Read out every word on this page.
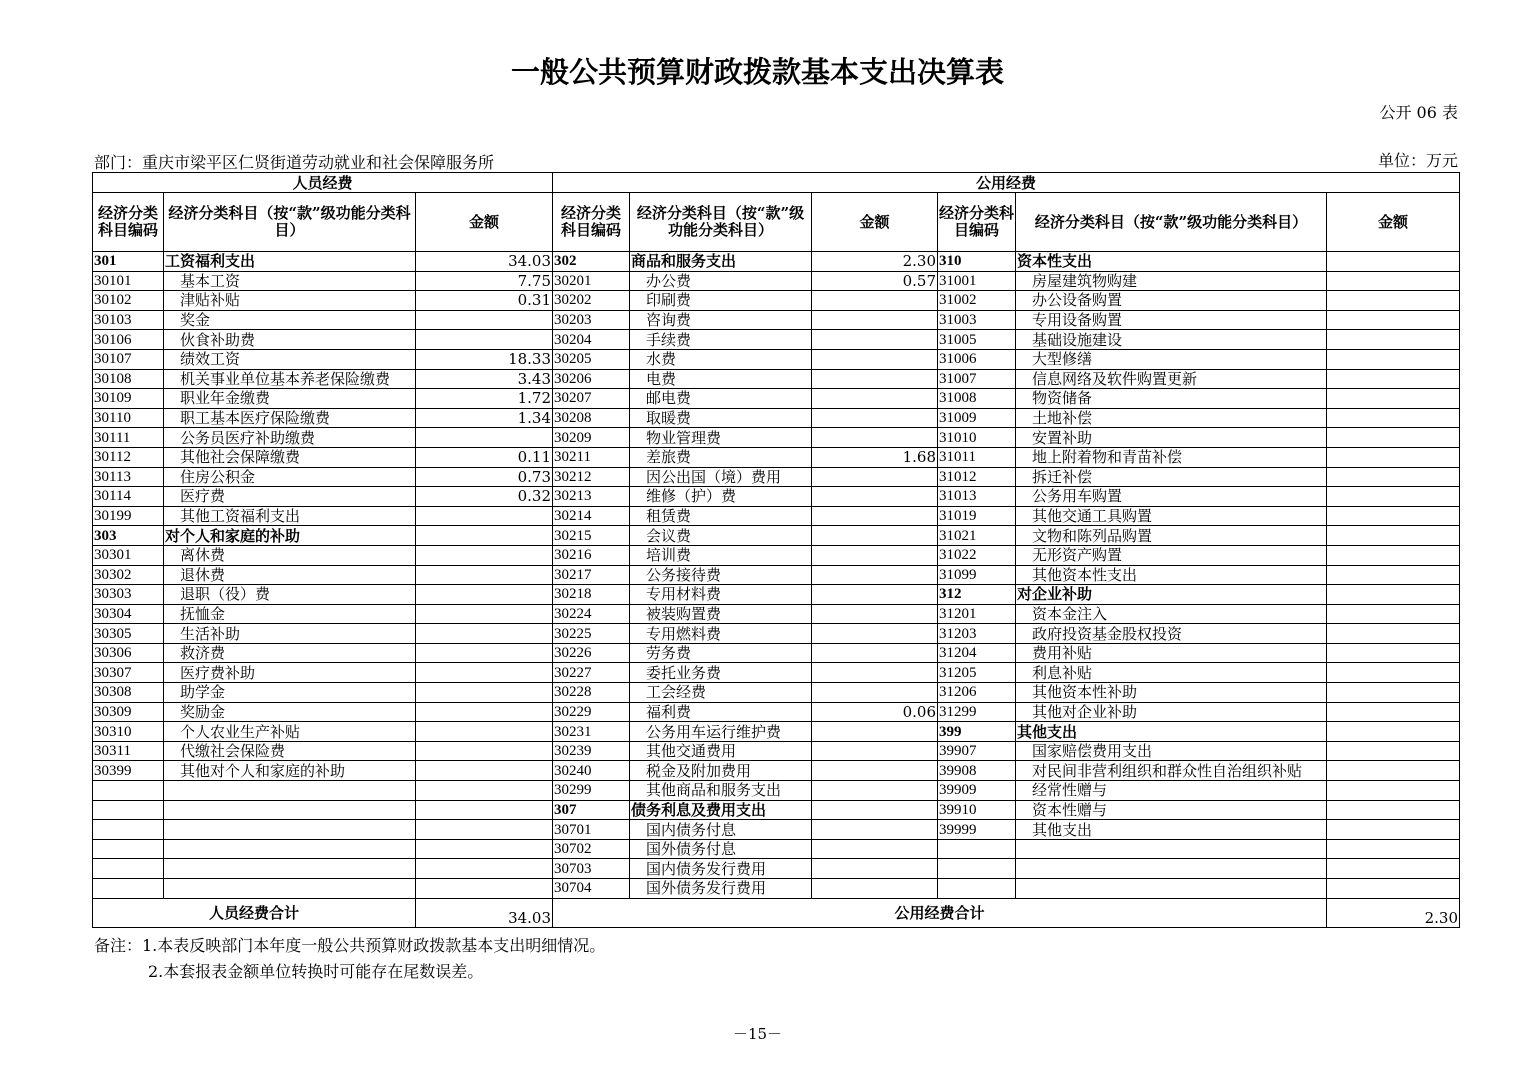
一般公共预算财政拨款基本支出决算表
公开 06 表
部门：重庆市梁平区仁贤街道劳动就业和社会保障服务所	单位：万元
人员经费			公用经费					
经济分类科目编码	经济分类科目（按“款”级功能分类科目）	金额	经济分类科目编码	经济分类科目（按“款”级功能分类科目）	金额	经济分类科目编码	经济分类科目（按“款”级功能分类科目）	金额
301	工资福利支出	34.03	302	商品和服务支出	2.30	310	资本性支出	
30101	基本工资	7.75	30201	办公费	0.57	31001	房屋建筑物购建	
30102	津贴补贴	0.31	30202	印刷费		31002	办公设备购置	
30103	奖金		30203	咨询费		31003	专用设备购置	
30106	伙食补助费		30204	手续费		31005	基础设施建设	
30107	绩效工资	18.33	30205	水费		31006	大型修缮	
30108	机关事业单位基本养老保险缴费	3.43	30206	电费		31007	信息网络及软件购置更新	
30109	职业年金缴费	1.72	30207	邮电费		31008	物资储备	
30110	职工基本医疗保险缴费	1.34	30208	取暖费		31009	土地补偿	
30111	公务员医疗补助缴费		30209	物业管理费		31010	安置补助	
30112	其他社会保障缴费	0.11	30211	差旅费	1.68	31011	地上附着物和青苗补偿	
30113	住房公积金	0.73	30212	因公出国（境）费用		31012	拆迁补偿	
30114	医疗费	0.32	30213	维修（护）费		31013	公务用车购置	
30199	其他工资福利支出		30214	租赁费		31019	其他交通工具购置	
303	对个人和家庭的补助		30215	会议费		31021	文物和陈列品购置	
30301	离休费		30216	培训费		31022	无形资产购置	
30302	退休费		30217	公务接待费		31099	其他资本性支出	
30303	退职（役）费		30218	专用材料费		312	对企业补助	
30304	抚恤金		30224	被装购置费		31201	资本金注入	
30305	生活补助		30225	专用燃料费		31203	政府投资基金股权投资	
30306	救济费		30226	劳务费		31204	费用补贴	
30307	医疗费补助		30227	委托业务费		31205	利息补贴	
30308	助学金		30228	工会经费		31206	其他资本性补助	
30309	奖励金		30229	福利费	0.06	31299	其他对企业补助	
30310	个人农业生产补贴		30231	公务用车运行维护费		399	其他支出	
30311	代缴社会保险费		30239	其他交通费用		39907	国家赔偿费用支出	
30399	其他对个人和家庭的补助		30240	税金及附加费用		39908	对民间非营利组织和群众性自治组织补贴	
			30299	其他商品和服务支出		39909	经常性赠与	
			307	债务利息及费用支出		39910	资本性赠与	
			30701	国内债务付息		39999	其他支出	
			30702	国外债务付息				
			30703	国内债务发行费用				
			30704	国外债务发行费用				
人员经费合计		34.03	公用经费合计					2.30
备注：1.本表反映部门本年度一般公共预算财政拨款基本支出明细情况。
2.本套报表金额单位转换时可能存在尾数误差。
－15－
